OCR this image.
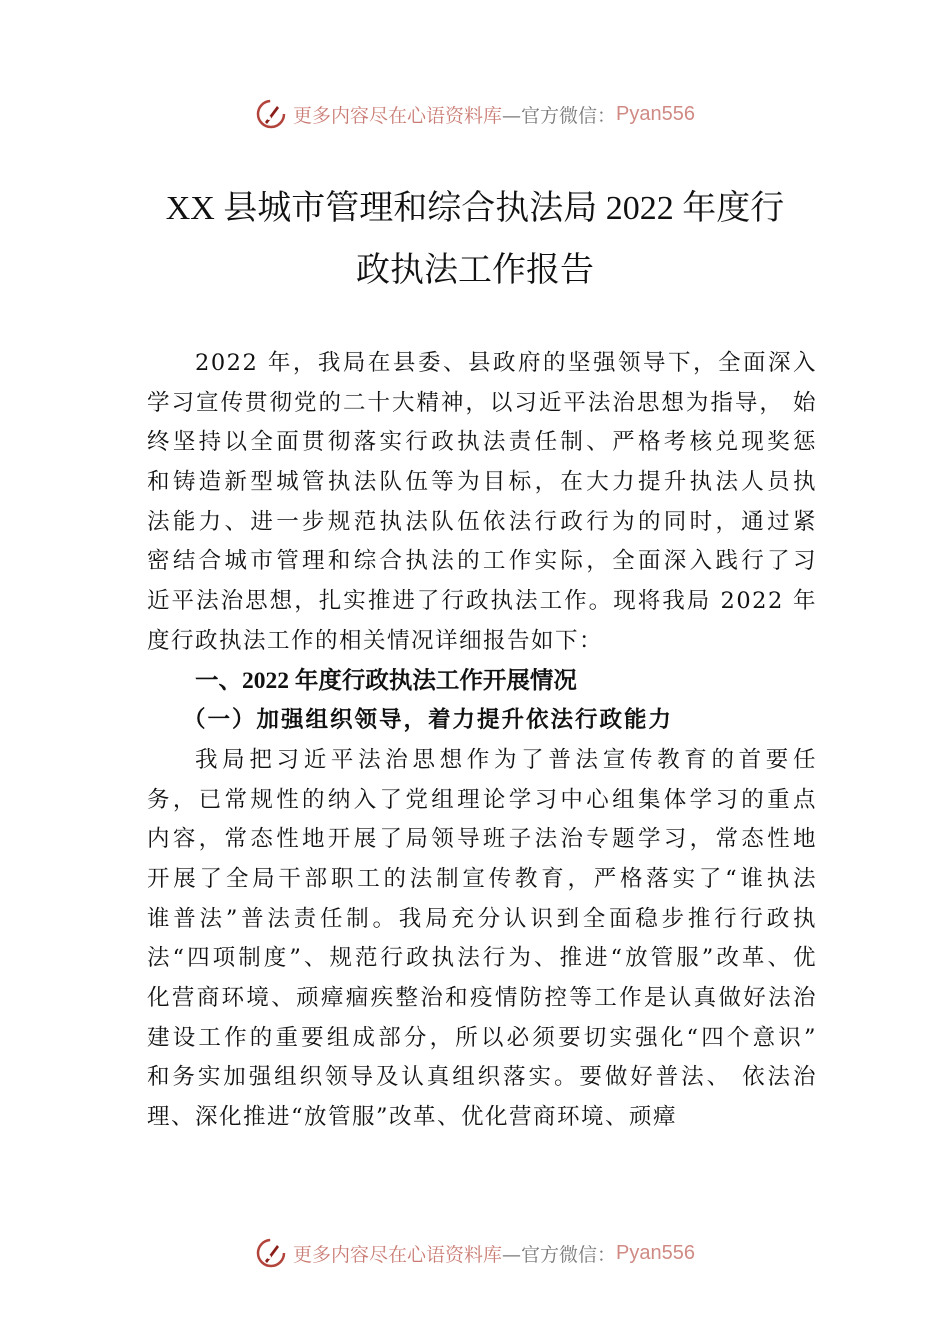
更多内容尽在心语资料库 —官方微信： Pyan556
XX 县城市管理和综合执法局 2022 年度行
政执法工作报告
2022 年，我局在县委、县政府的坚强领导下，全面深入
学习宣传贯彻党的二十大精神，以习近平法治思想为指导， 始
终坚持以全面贯彻落实行政执法责任制、严格考核兑现奖惩
和铸造新型城管执法队伍等为目标，在大力提升执法人员执
法能力、进一步规范执法队伍依法行政行为的同时，通过紧
密结合城市管理和综合执法的工作实际，全面深入践行了习
近平法治思想，扎实推进了行政执法工作。现将我局 2022 年
度行政执法工作的相关情况详细报告如下：
一、2022 年度行政执法工作开展情况
（一）加强组织领导，着力提升依法行政能力
我局把习近平法治思想作为了普法宣传教育的首要任
务，已常规性的纳入了党组理论学习中心组集体学习的重点
内容，常态性地开展了局领导班子法治专题学习，常态性地
开展了全局干部职工的法制宣传教育，严格落实了“谁执法
谁普法”普法责任制。我局充分认识到全面稳步推行行政执
法“四项制度”、规范行政执法行为、推进“放管服”改革、优
化营商环境、顽瘴痼疾整治和疫情防控等工作是认真做好法治
建设工作的重要组成部分，所以必须要切实强化“四个意识”
和务实加强组织领导及认真组织落实。要做好普法、 依法治
理、深化推进“放管服”改革、优化营商环境、顽瘴
更多内容尽在心语资料库 —官方微信： Pyan556
